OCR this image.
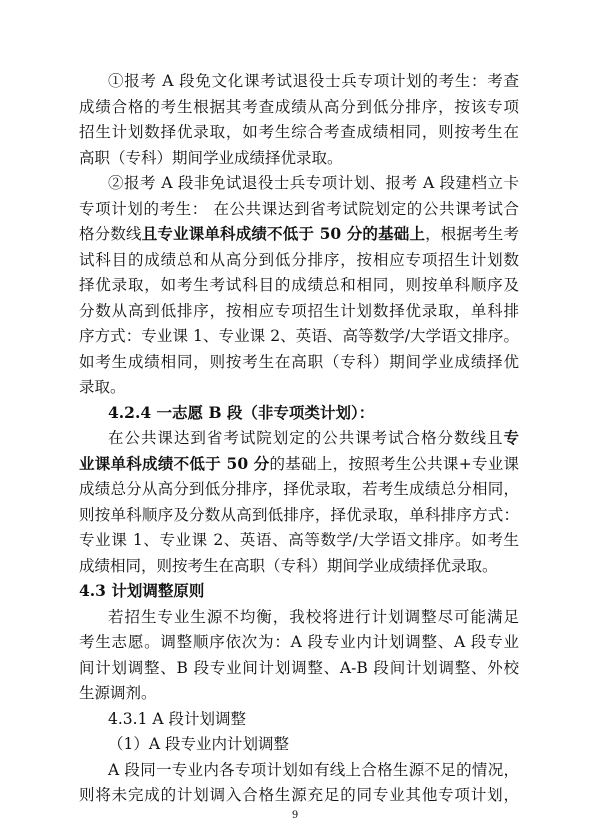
①报考 A 段免文化课考试退役士兵专项计划的考生：考查

成绩合格的考生根据其考查成绩从高分到低分排序，按该专项

招生计划数择优录取，如考生综合考查成绩相同，则按考生在

高职（专科）期间学业成绩择优录取。

②报考 A 段非免试退役士兵专项计划、报考 A 段建档立卡

专项计划的考生： 在公共课达到省考试院划定的公共课考试合

格分数线且专业课单科成绩不低于 50 分的基础上，根据考生考

试科目的成绩总和从高分到低分排序，按相应专项招生计划数

择优录取，如考生考试科目的成绩总和相同，则按单科顺序及

分数从高到低排序，按相应专项招生计划数择优录取，单科排

序方式：专业课 1、专业课 2、英语、高等数学/大学语文排序。

如考生成绩相同，则按考生在高职（专科）期间学业成绩择优

录取。

4.2.4 一志愿 B 段（非专项类计划）：

在公共课达到省考试院划定的公共课考试合格分数线且专

业课单科成绩不低于 50 分的基础上，按照考生公共课+专业课

成绩总分从高分到低分排序，择优录取，若考生成绩总分相同，

则按单科顺序及分数从高到低排序，择优录取，单科排序方式：

专业课 1、专业课 2、英语、高等数学/大学语文排序。如考生

成绩相同，则按考生在高职（专科）期间学业成绩择优录取。

4.3 计划调整原则

若招生专业生源不均衡，我校将进行计划调整尽可能满足

考生志愿。调整顺序依次为：A 段专业内计划调整、A 段专业

间计划调整、B 段专业间计划调整、A-B 段间计划调整、外校

生源调剂。

4.3.1 A 段计划调整

（1）A 段专业内计划调整

A 段同一专业内各专项计划如有线上合格生源不足的情况，

则将未完成的计划调入合格生源充足的同专业其他专项计划，

9
